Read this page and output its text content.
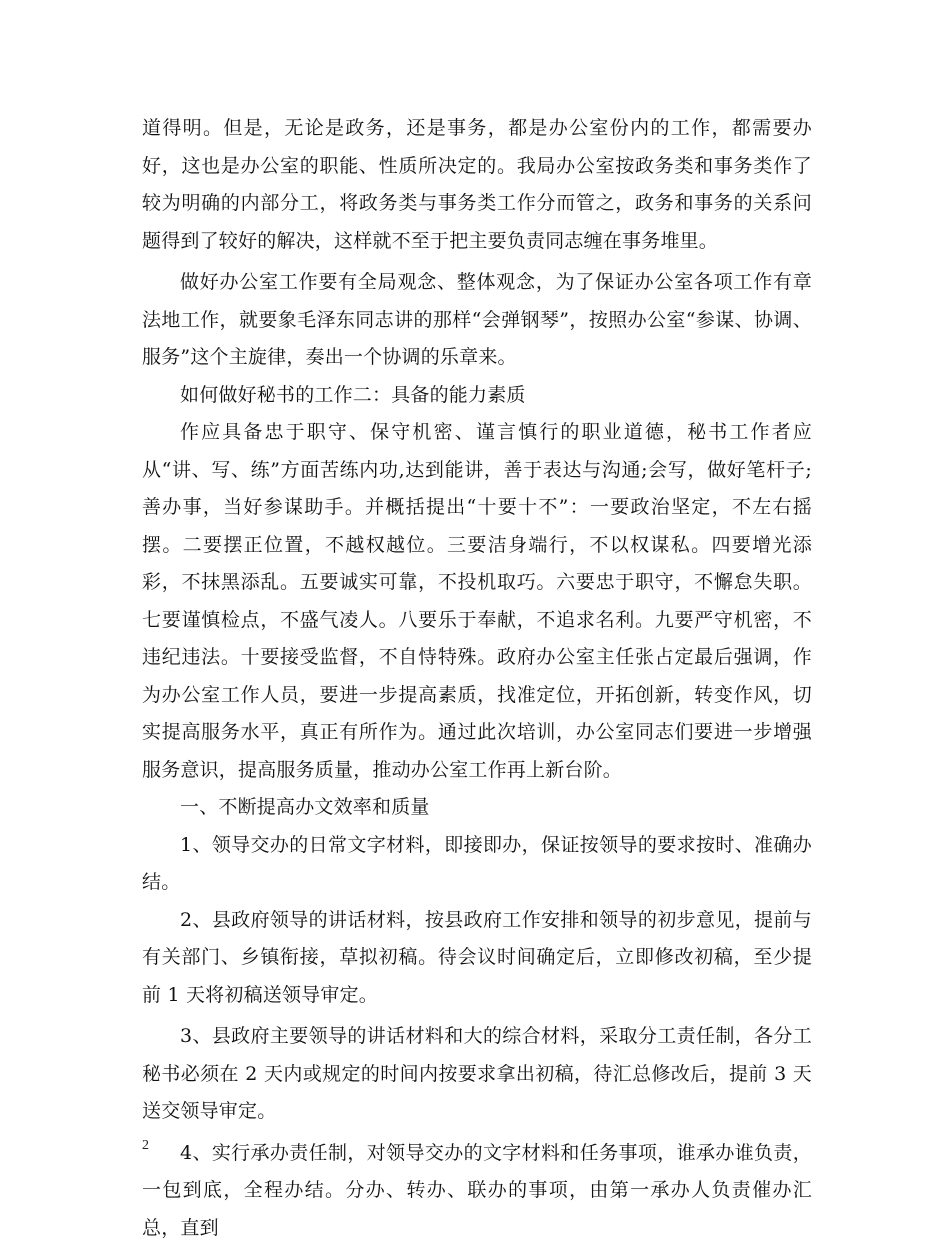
道得明。但是，无论是政务，还是事务，都是办公室份内的工作，都需要办好，这也是办公室的职能、性质所决定的。我局办公室按政务类和事务类作了较为明确的内部分工，将政务类与事务类工作分而管之，政务和事务的关系问题得到了较好的解决，这样就不至于把主要负责同志缠在事务堆里。

做好办公室工作要有全局观念、整体观念，为了保证办公室各项工作有章法地工作，就要象毛泽东同志讲的那样“会弹钢琴”，按照办公室“参谋、协调、服务”这个主旋律，奏出一个协调的乐章来。

如何做好秘书的工作二：具备的能力素质

作应具备忠于职守、保守机密、谨言慎行的职业道德，秘书工作者应从“讲、写、练”方面苦练内功,达到能讲，善于表达与沟通;会写，做好笔杆子;善办事，当好参谋助手。并概括提出“十要十不”：一要政治坚定，不左右摇摆。二要摆正位置，不越权越位。三要洁身端行，不以权谋私。四要增光添彩，不抹黑添乱。五要诚实可靠，不投机取巧。六要忠于职守，不懈怠失职。七要谨慎检点，不盛气凌人。八要乐于奉献，不追求名利。九要严守机密，不违纪违法。十要接受监督，不自恃特殊。政府办公室主任张占定最后强调，作为办公室工作人员，要进一步提高素质，找准定位，开拓创新，转变作风，切实提高服务水平，真正有所作为。通过此次培训，办公室同志们要进一步增强服务意识，提高服务质量，推动办公室工作再上新台阶。

一、不断提高办文效率和质量

1、领导交办的日常文字材料，即接即办，保证按领导的要求按时、准确办结。

2、县政府领导的讲话材料，按县政府工作安排和领导的初步意见，提前与有关部门、乡镇衔接，草拟初稿。待会议时间确定后，立即修改初稿，至少提前 1 天将初稿送领导审定。

3、县政府主要领导的讲话材料和大的综合材料，采取分工责任制，各分工秘书必须在 2 天内或规定的时间内按要求拿出初稿，待汇总修改后，提前 3 天送交领导审定。

4、实行承办责任制，对领导交办的文字材料和任务事项，谁承办谁负责，一包到底，全程办结。分办、转办、联办的事项，由第一承办人负责催办汇总，直到

2
